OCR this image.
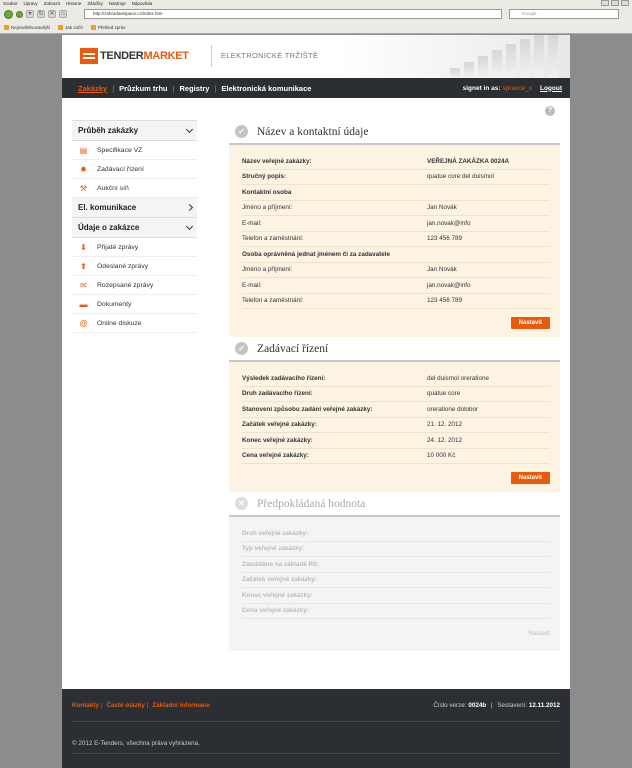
Soubor Úpravy Zobrazit Historie Záložky Nástroje Nápověda
▾	↻ ✕	⌂	http://zahradaeispace.cz/index.htm	Google
Nejnavštěvovanější	Jak začít	Přehled zpráv
TENDERMARKET	ELEKTRONICKÉ TRŽIŠTĚ
Zakázky | Průzkum trhu | Registry | Elektronická komunikace	signet in as: spravce_x Logout
?
Průběh zakázky
▤ Specifikace VZ
✹ Zadávací řízení
⚒ Aukční síň
El. komunikace
Údaje o zakázce
⬇ Přijaté zprávy
⬆ Odeslané zprávy
✉ Rozepsané zprávy
▬ Dokumenty
@ Online diskuze
✓ Název a kontaktní údaje
Název veřejné zakázky:	VEŘEJNÁ ZAKÁZKA 0024A
Stručný popis:	quatue core del duismol
Kontaktní osoba
Jméno a příjmení:	Jan Novák
E-mail:	jan.novak@info
Telefon a zaměstnání:	123 456 789
Osoba oprávněná jednat jménem či za zadavatele
Jméno a příjmení:	Jan Novák
E-mail:	jan.novak@info
Telefon a zaměstnání:	123 456 789
Nastavit
✓ Zadávací řízení
Výsledek zadávacího řízení:	del duismol oreratione
Druh zadávacího řízení:	quatue core
Stanovení způsobu zadání veřejné zakázky:	oreratione dolobor
Začátek veřejné zakázky:	21. 12. 2012
Konec veřejné zakázky:	24. 12. 2012
Cena veřejné zakázky:	10 000 Kč
Nastavit
✕ Předpokládaná hodnota
Druh veřejné zakázky:
Typ veřejné zakázky:
Založdáno na základě RS:
Začátek veřejné zakázky:
Konec veřejné zakázky:
Cena veřejné zakázky:
Nastavit
Kontakty | Časté otázky | Základní informace	Číslo verze: 0024b | Sestavení: 12.11.2012
© 2012 E-Tenders, všechna práva vyhrazena.
